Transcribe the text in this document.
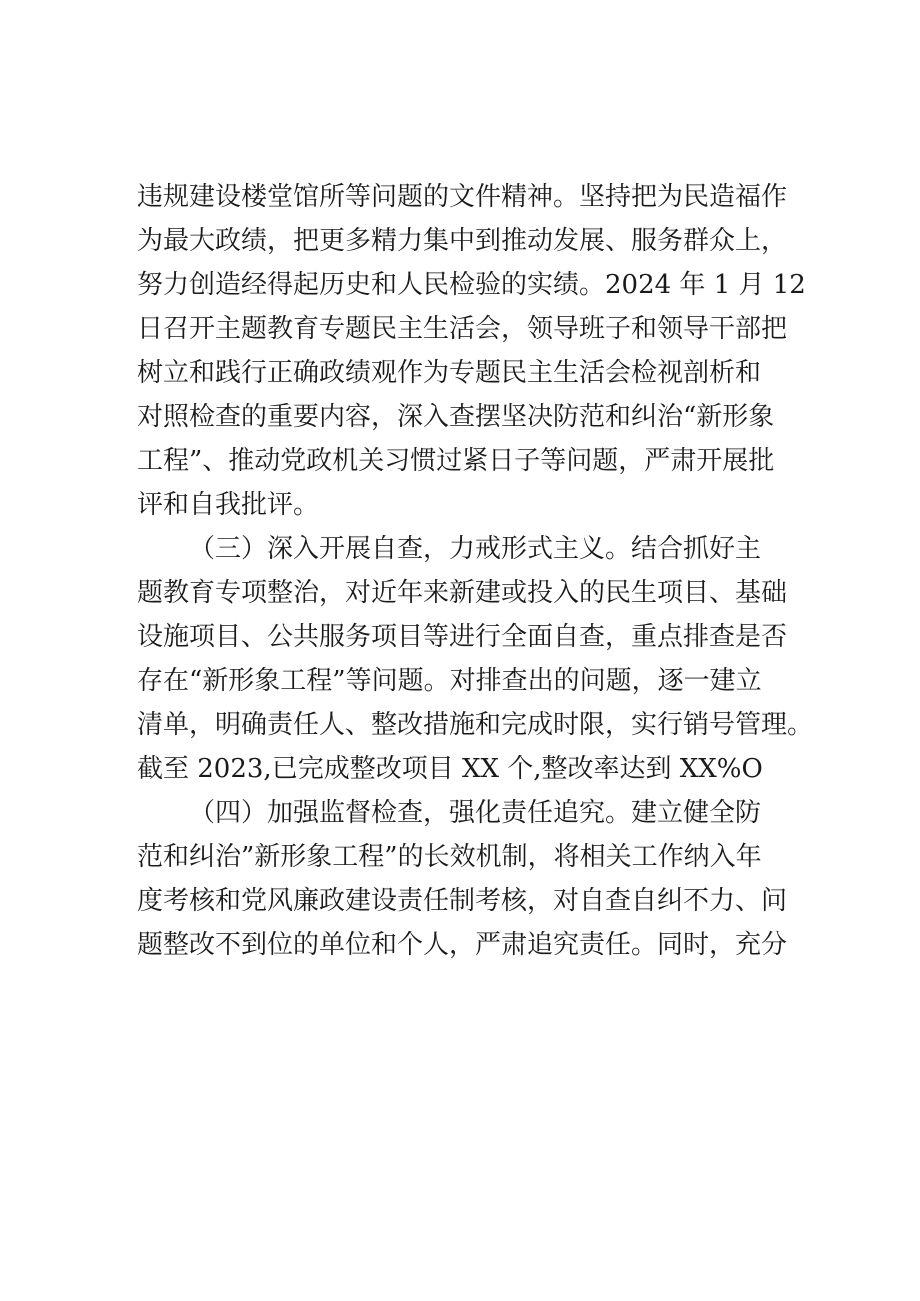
违规建设楼堂馆所等问题的文件精神。坚持把为民造福作
为最大政绩，把更多精力集中到推动发展、服务群众上，
努力创造经得起历史和人民检验的实绩。2024 年 1 月 12
日召开主题教育专题民主生活会，领导班子和领导干部把
树立和践行正确政绩观作为专题民主生活会检视剖析和
对照检查的重要内容，深入查摆坚决防范和纠治“新形象
工程”、推动党政机关习惯过紧日子等问题，严肃开展批
评和自我批评。
（三）深入开展自查，力戒形式主义。结合抓好主
题教育专项整治，对近年来新建或投入的民生项目、基础
设施项目、公共服务项目等进行全面自查，重点排查是否
存在“新形象工程”等问题。对排查出的问题，逐一建立
清单，明确责任人、整改措施和完成时限，实行销号管理。
截至 2023,已完成整改项目 XX 个,整改率达到 XX%O
（四）加强监督检查，强化责任追究。建立健全防
范和纠治”新形象工程”的长效机制，将相关工作纳入年
度考核和党风廉政建设责任制考核，对自查自纠不力、问
题整改不到位的单位和个人，严肃追究责任。同时，充分
